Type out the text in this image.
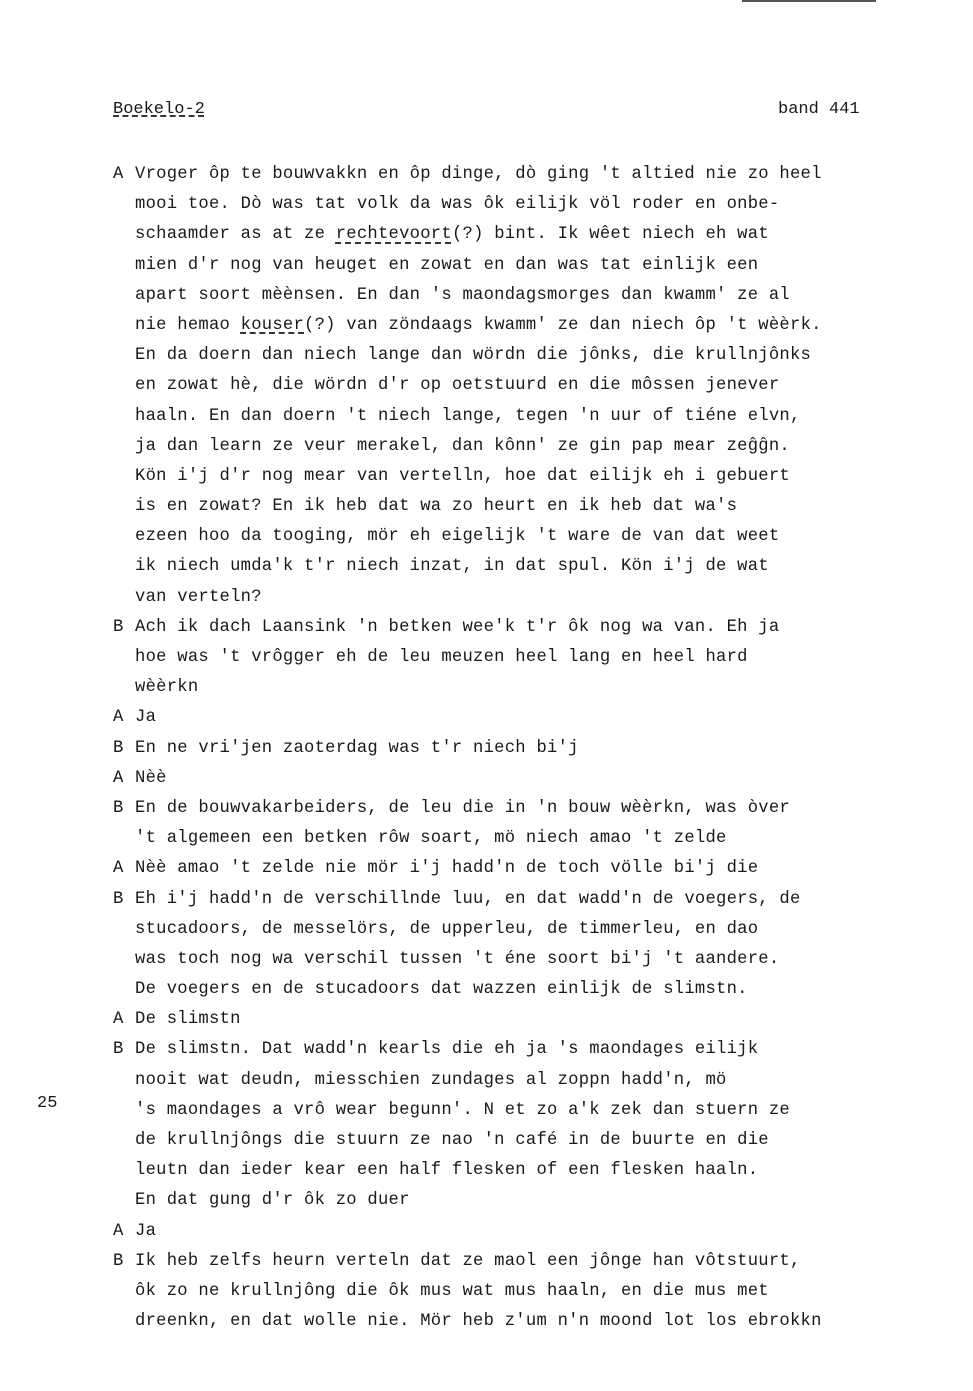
Boekelo-2	band 441
25
A Vroger ôp te bouwvakkn en ôp dinge, dò ging 't altied nie zo heel
mooi toe. Dò was tat volk da was ôk eilijk völ roder en onbe-
schaamder as at ze rechtevoort(?) bint. Ik wêet niech eh wat
mien d'r nog van heuget en zowat en dan was tat einlijk een
apart soort mèènsen. En dan 's maondagsmorges dan kwamm' ze al
nie hemao kouser(?) van zöndaags kwamm' ze dan niech ôp 't wèèrk.
En da doern dan niech lange dan wördn die jônks, die krullnjônks
en zowat hè, die wördn d'r op oetstuurd en die môssen jenever
haaln. En dan doern 't niech lange, tegen 'n uur of tiéne elvn,
ja dan learn ze veur merakel, dan kônn' ze gin pap mear zeĝĝn.
Kön i'j d'r nog mear van vertelln, hoe dat eilijk eh i gebuert
is en zowat? En ik heb dat wa zo heurt en ik heb dat wa's
ezeen hoo da tooging, mör eh eigelijk 't ware de van dat weet
ik niech umda'k t'r niech inzat, in dat spul. Kön i'j de wat
van verteln?
B Ach ik dach Laansink 'n betken wee'k t'r ôk nog wa van. Eh ja
hoe was 't vrôgger eh de leu meuzen heel lang en heel hard
wèèrkn
A Ja
B En ne vri'jen zaoterdag was t'r niech bi'j
A Nèè
B En de bouwvakarbeiders, de leu die in 'n bouw wèèrkn, was òver
't algemeen een betken rôw soart, mö niech amao 't zelde
A Nèè amao 't zelde nie mör i'j hadd'n de toch völle bi'j die
B Eh i'j hadd'n de verschillnde luu, en dat wadd'n de voegers, de
stucadoors, de messelörs, de upperleu, de timmerleu, en dao
was toch nog wa verschil tussen 't éne soort bi'j 't aandere.
De voegers en de stucadoors dat wazzen einlijk de slimstn.
A De slimstn
B De slimstn. Dat wadd'n kearls die eh ja 's maondages eilijk
nooit wat deudn, miesschien zundages al zoppn hadd'n, mö
's maondages a vrô wear begunn'. N et zo a'k zek dan stuern ze
de krullnjôngs die stuurn ze nao 'n café in de buurte en die
leutn dan ieder kear een half flesken of een flesken haaln.
En dat gung d'r ôk zo duer
A Ja
B Ik heb zelfs heurn verteln dat ze maol een jônge han vôtstuurt,
ôk zo ne krullnjông die ôk mus wat mus haaln, en die mus met
dreenkn, en dat wolle nie. Mör heb z'um n'n moond lot los ebrokkn
